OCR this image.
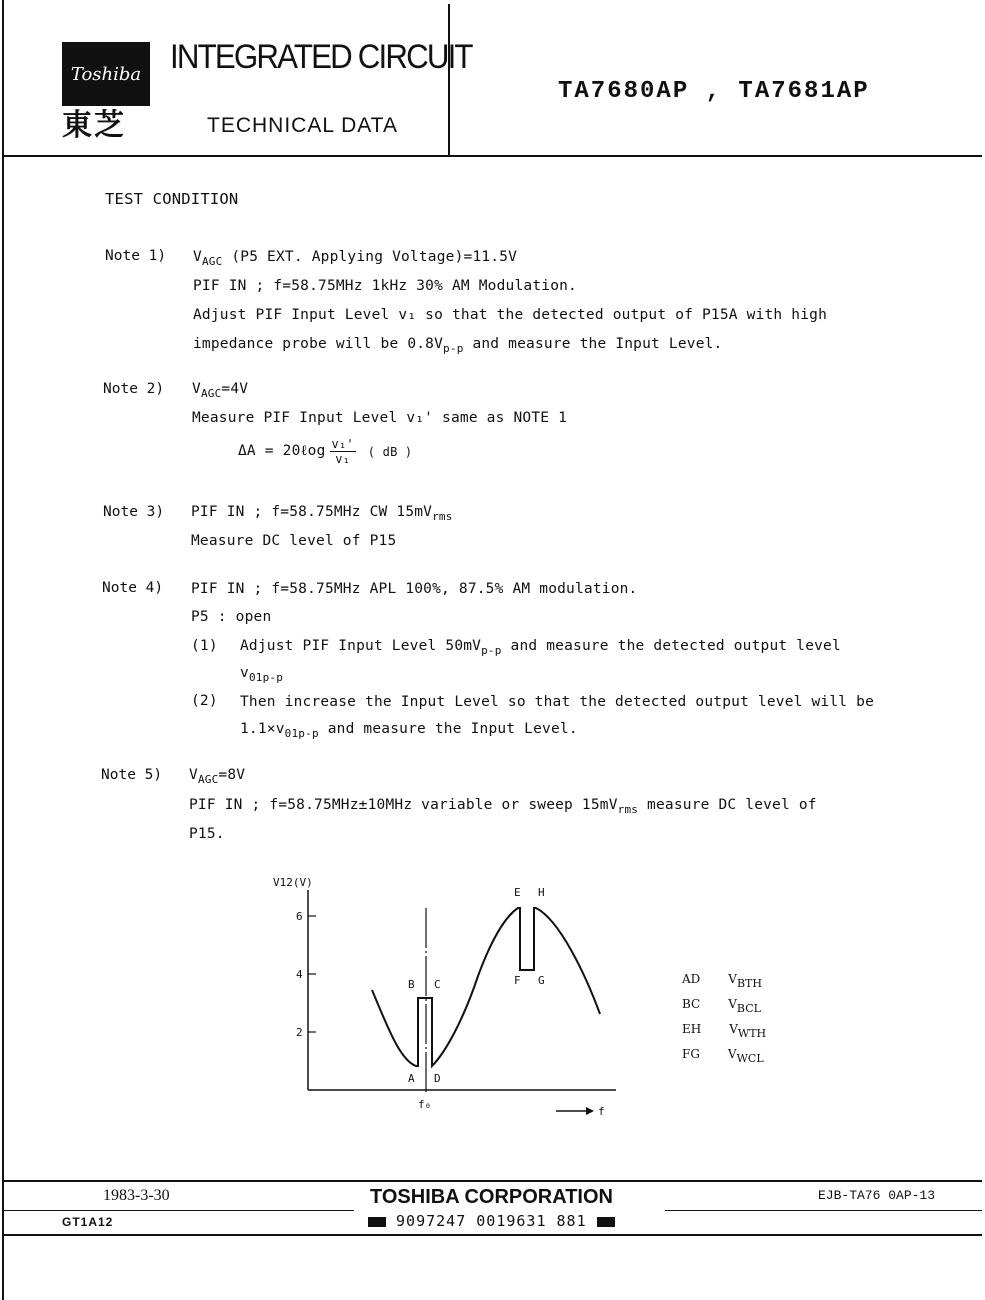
Toshiba
東芝
INTEGRATED CIRCUIT
TECHNICAL DATA
TA7680AP , TA7681AP
TEST CONDITION
Note 1) $V_{AGC}$ (P5 EXT. Applying Voltage)=11.5V
PIF IN ; f=58.75MHz 1kHz 30% AM Modulation.
Adjust PIF Input Level v₁ so that the detected output of P15A with high
impedance probe will be $0.8V_{p-p}$ and measure the Input Level.
Note 2) $V_{AGC}=4V$
Measure PIF Input Level v₁' same as NOTE 1
ΔA = 20ℓog $\frac{\text{v₁'}}{\text{v₁}}$ ( dB )
Note 3) PIF IN ; f=58.75MHz CW $15mV_{rms}$
Measure DC level of P15
Note 4) PIF IN ; f=58.75MHz APL 100%, 87.5% AM modulation.
P5 : open
(1) Adjust PIF Input Level $50mV_{p-p}$ and measure the detected output level
$v_{01p-p}$
(2) Then increase the Input Level so that the detected output level will be
$1.1\times v_{01p-p}$ and measure the Input Level.
Note 5) $V_{AGC}=8V$
PIF IN ; f=58.75MHz±10MHz variable or sweep $15mV_{rms}$ measure DC level of
P15.
6
4
2
V12(V)
f₀
f
A
B C
D
E
F G
H
AD $V_{BTH}$
BC $V_{BCL}$
EH $V_{WTH}$
FG $V_{WCL}$
1983-3-30
GT1A12
TOSHIBA CORPORATION
9097247 0019631 881
EJB-TA76 0AP-13
